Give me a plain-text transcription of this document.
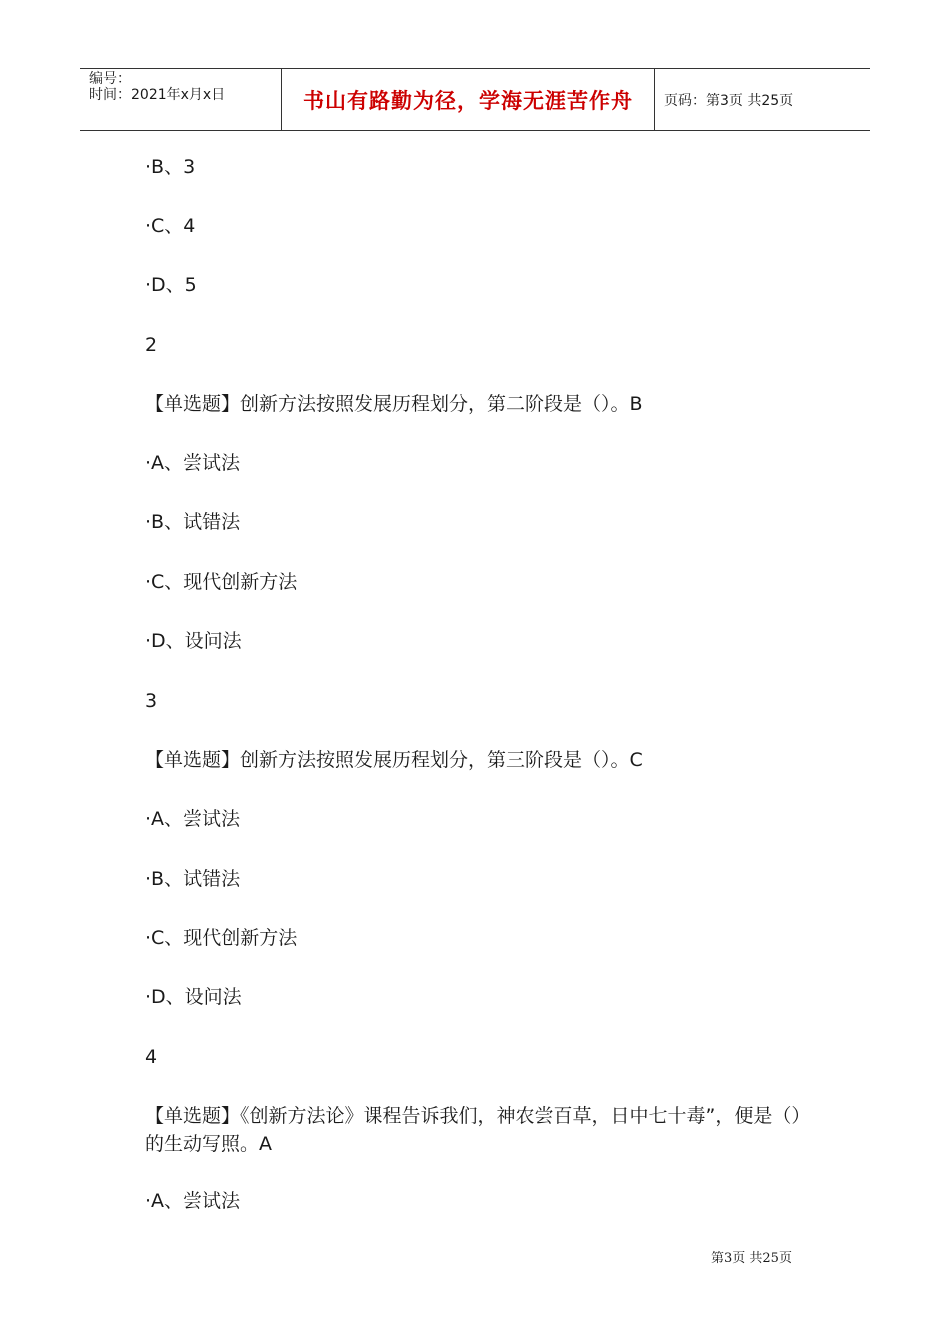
编号：
时间：2021年x月x日	书山有路勤为径，学海无涯苦作舟 页码：第3页 共25页
·B、3
·C、4
·D、5
2
【单选题】创新方法按照发展历程划分，第二阶段是（）。B
·A、尝试法
·B、试错法
·C、现代创新方法
·D、设问法
3
【单选题】创新方法按照发展历程划分，第三阶段是（）。C
·A、尝试法
·B、试错法
·C、现代创新方法
·D、设问法
4
【单选题】《创新方法论》课程告诉我们，神农尝百草，日中七十毒”，便是（）的生动写照。A
·A、尝试法
第3页 共25页
